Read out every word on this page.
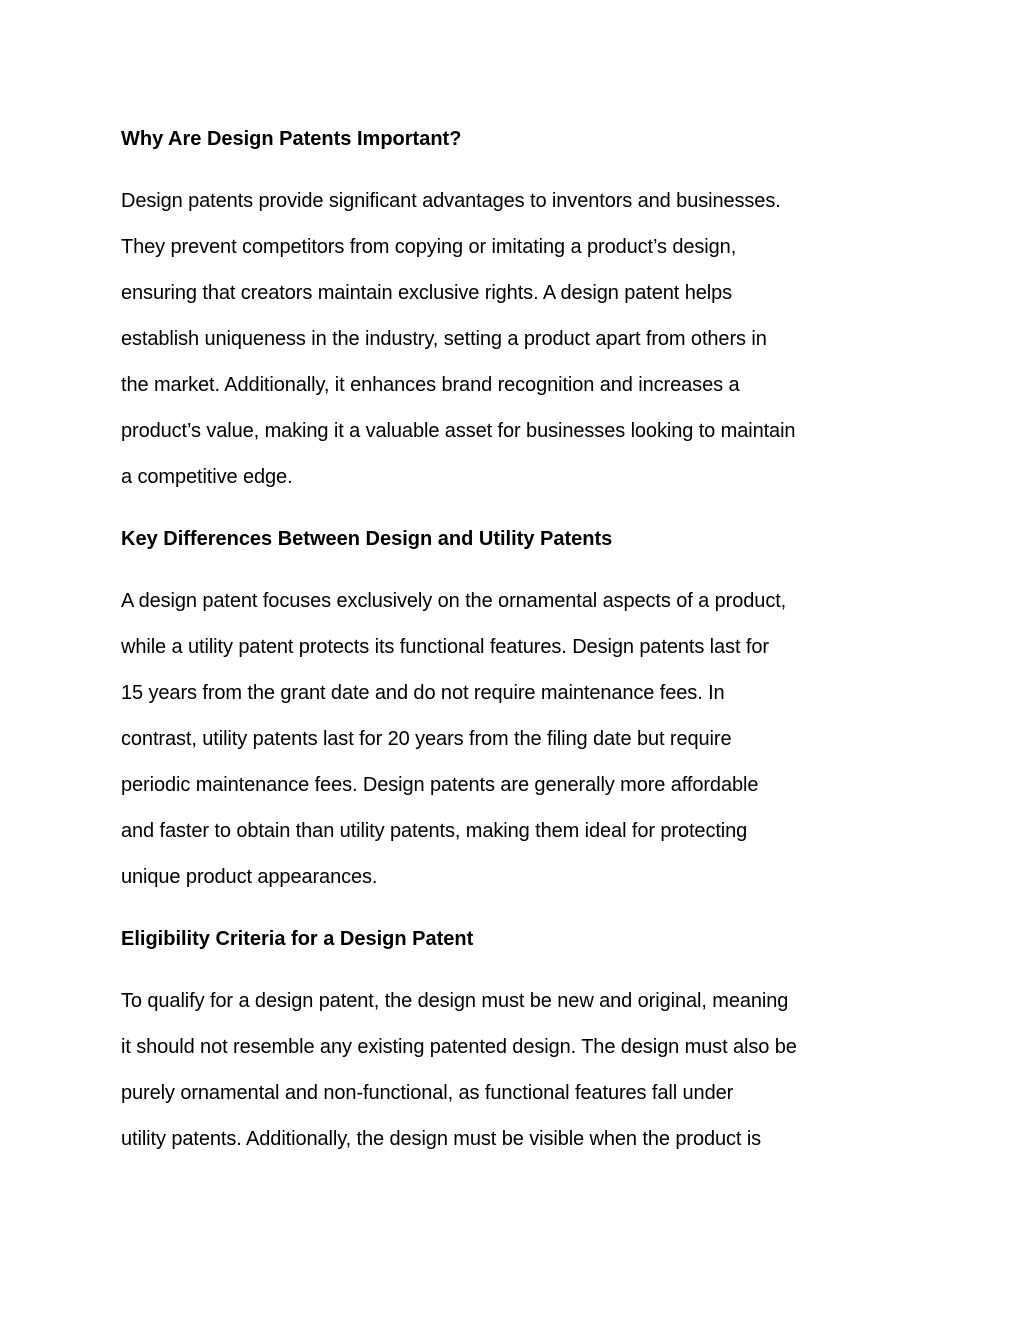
Why Are Design Patents Important?
Design patents provide significant advantages to inventors and businesses.
They prevent competitors from copying or imitating a product’s design,
ensuring that creators maintain exclusive rights. A design patent helps
establish uniqueness in the industry, setting a product apart from others in
the market. Additionally, it enhances brand recognition and increases a
product’s value, making it a valuable asset for businesses looking to maintain
a competitive edge.
Key Differences Between Design and Utility Patents
A design patent focuses exclusively on the ornamental aspects of a product,
while a utility patent protects its functional features. Design patents last for
15 years from the grant date and do not require maintenance fees. In
contrast, utility patents last for 20 years from the filing date but require
periodic maintenance fees. Design patents are generally more affordable
and faster to obtain than utility patents, making them ideal for protecting
unique product appearances.
Eligibility Criteria for a Design Patent
To qualify for a design patent, the design must be new and original, meaning
it should not resemble any existing patented design. The design must also be
purely ornamental and non-functional, as functional features fall under
utility patents. Additionally, the design must be visible when the product is
